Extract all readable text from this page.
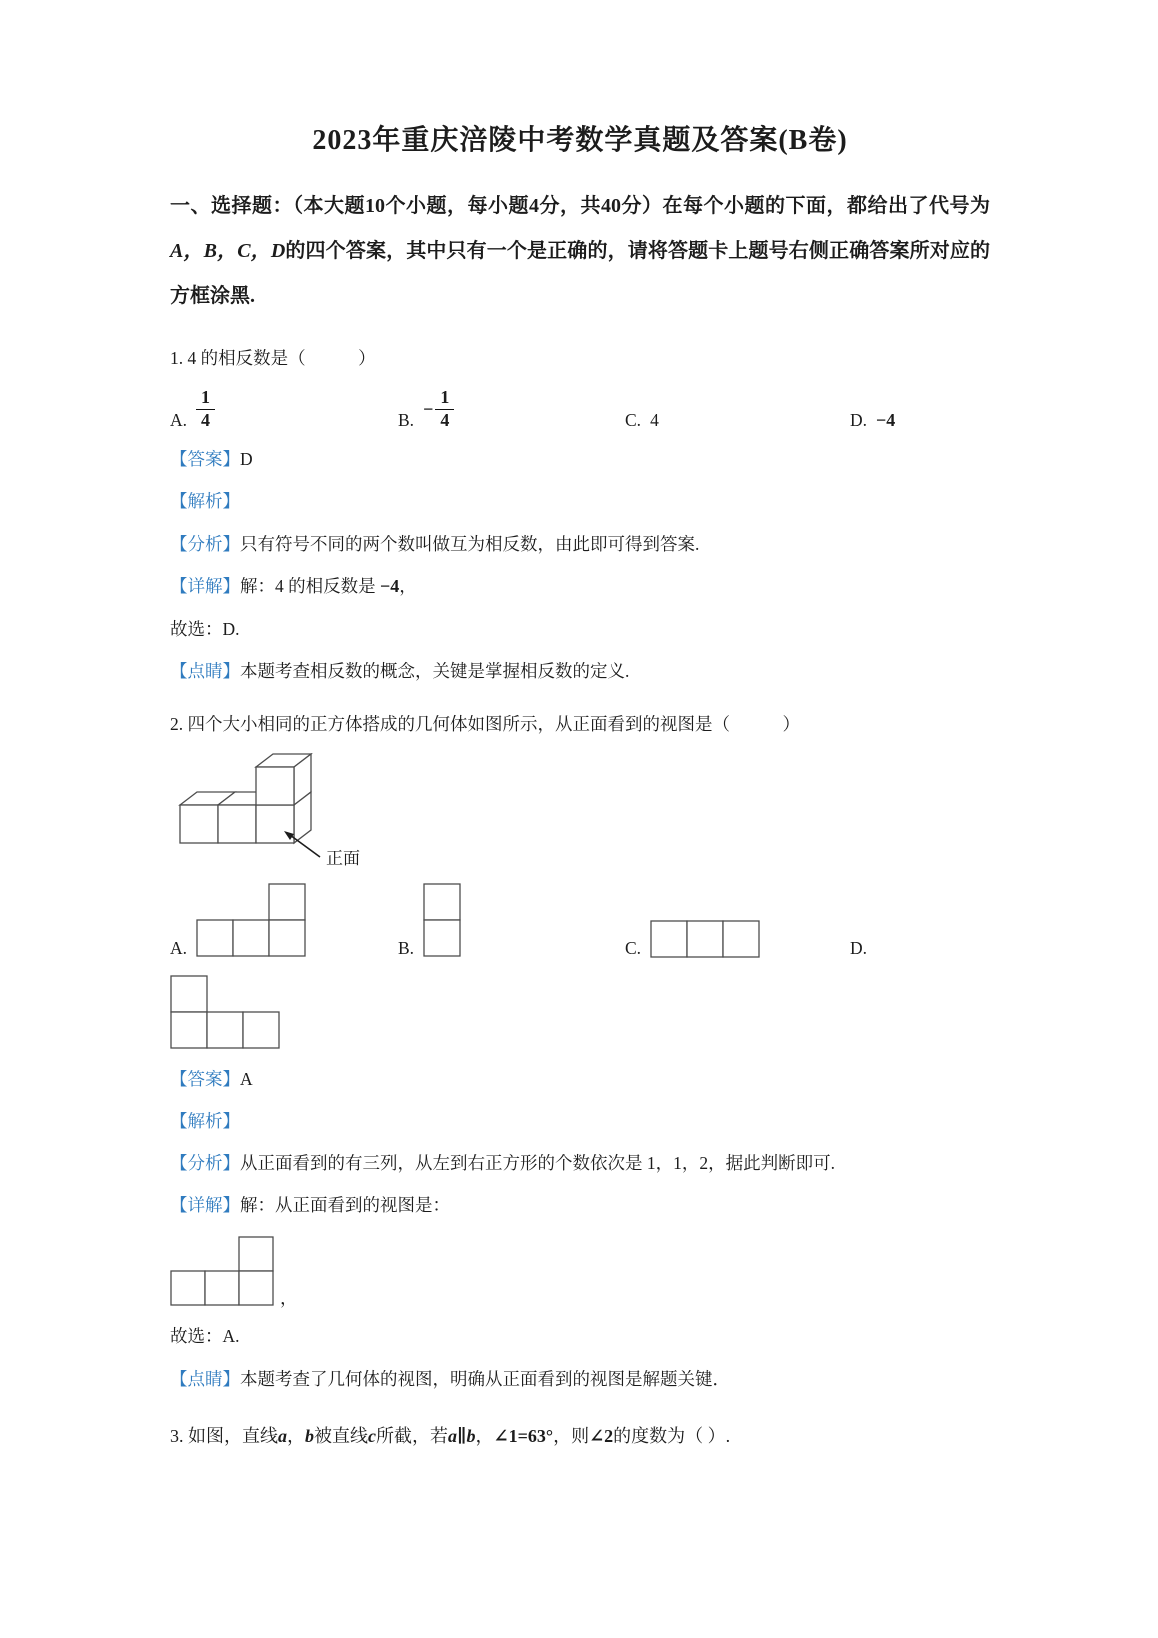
2023年重庆涪陵中考数学真题及答案(B卷)

一、选择题：（本大题10个小题，每小题4分，共40分）在每个小题的下面，都给出了代号为A，B，C，D的四个答案，其中只有一个是正确的，请将答题卡上题号右侧正确答案所对应的方框涂黑.

1. 4 的相反数是（　　　）

A. $\frac{1}{4}$	B.
− $\frac{1}{4}$	C. 4	D. −4

【答案】D

【解析】

【分析】只有符号不同的两个数叫做互为相反数，由此即可得到答案.

【详解】解：4 的相反数是 −4，

故选：D.

【点睛】本题考查相反数的概念，关键是掌握相反数的定义.

2. 四个大小相同的正方体搭成的几何体如图所示，从正面看到的视图是（　　　）

正面
A.	B.	C.	D.

【答案】A

【解析】

【分析】从正面看到的有三列，从左到右正方形的个数依次是 1，1，2，据此判断即可.

【详解】解：从正面看到的视图是：

，

故选：A.

【点睛】本题考查了几何体的视图，明确从正面看到的视图是解题关键．

3. 如图，直线a，b被直线c所截，若a∥b，∠1=63°，则∠2的度数为（ ）.
